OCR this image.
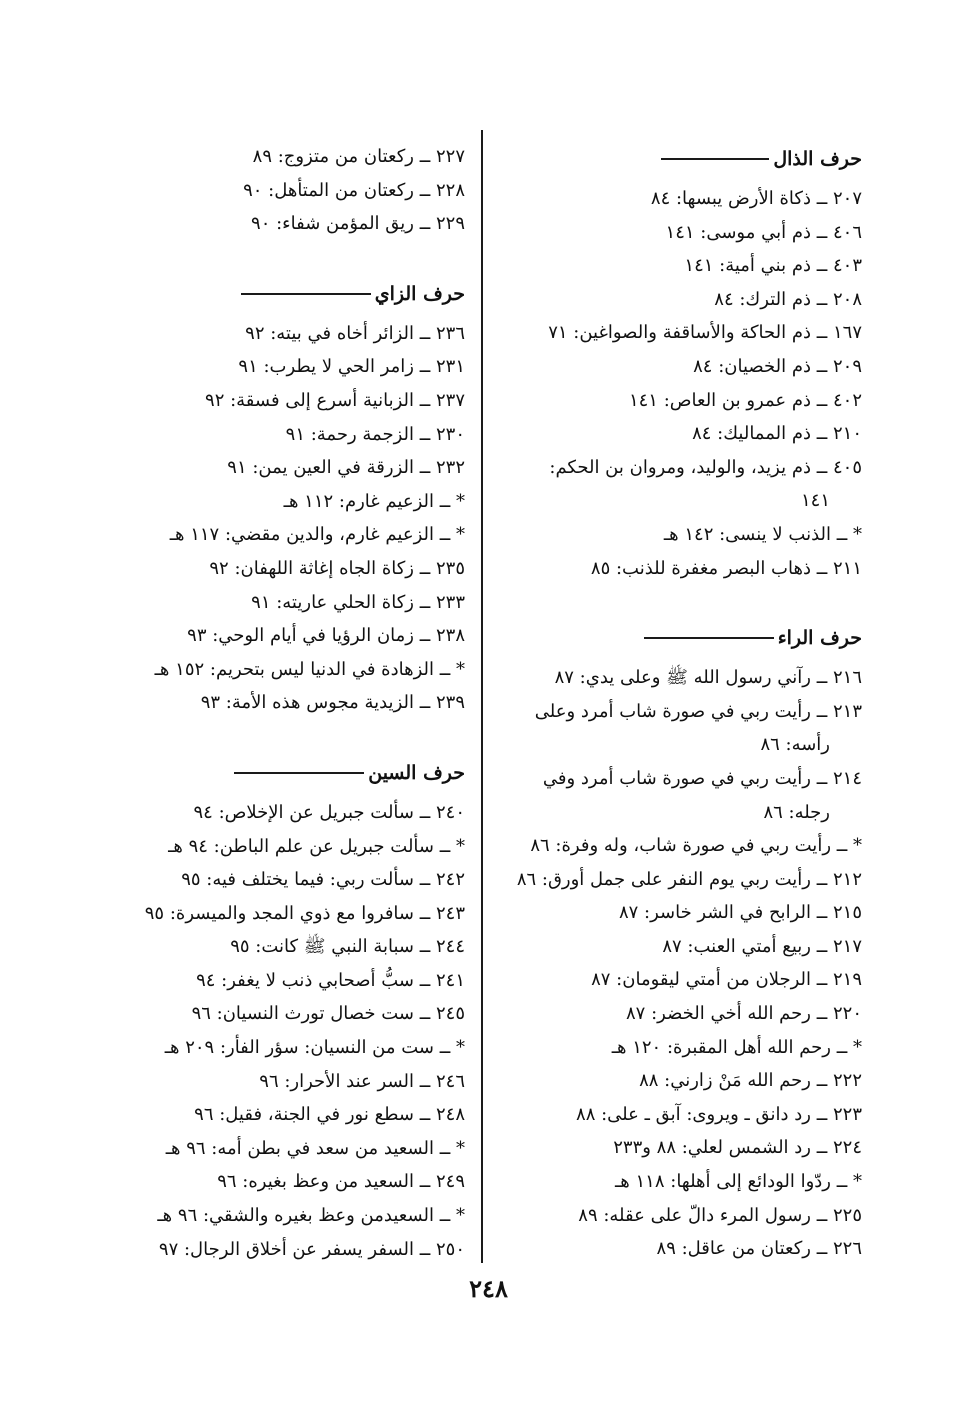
حرف الذال
٢٠٧ ــ ذكاة الأرض يبسها: ٨٤
٤٠٦ ــ ذم أبي موسى: ١٤١
٤٠٣ ــ ذم بني أمية: ١٤١
٢٠٨ ــ ذم الترك: ٨٤
١٦٧ ــ ذم الحاكة والأساقفة والصواغين: ٧١
٢٠٩ ــ ذم الخصيان: ٨٤
٤٠٢ ــ ذم عمرو بن العاص: ١٤١
٢١٠ ــ ذم المماليك: ٨٤
٤٠٥ ــ ذم يزيد، والوليد، ومروان بن الحكم:
١٤١
* ــ الذنب لا ينسى: ١٤٢ هـ
٢١١ ــ ذهاب البصر مغفرة للذنب: ٨٥
حرف الراء
٢١٦ ــ رآني رسول الله ﷺ وعلى يدي: ٨٧
٢١٣ ــ رأيت ربي في صورة شاب أمرد وعلى
رأسه: ٨٦
٢١٤ ــ رأيت ربي في صورة شاب أمرد وفي
رجله: ٨٦
* ــ رأيت ربي في صورة شاب، وله وفرة: ٨٦
٢١٢ ــ رأيت ربي يوم النفر على جمل أورق: ٨٦
٢١٥ ــ الرابح في الشر خاسر: ٨٧
٢١٧ ــ ربيع أمتي العنب: ٨٧
٢١٩ ــ الرجلان من أمتي ليقومان: ٨٧
٢٢٠ ــ رحم الله أخي الخضر: ٨٧
* ــ رحم الله أهل المقبرة: ١٢٠ هـ
٢٢٢ ــ رحم الله مَنْ زارني: ٨٨
٢٢٣ ــ رد دانق ـ ويروى: آبق ـ على: ٨٨
٢٢٤ ــ رد الشمس لعلي: ٨٨ و٢٣٣
* ــ ردّوا الودائع إلى أهلها: ١١٨ هـ
٢٢٥ ــ رسول المرء دالّ على عقله: ٨٩
٢٢٦ ــ ركعتان من عاقل: ٨٩
٢٢٧ ــ ركعتان من متزوج: ٨٩
٢٢٨ ــ ركعتان من المتأهل: ٩٠
٢٢٩ ــ ريق المؤمن شفاء: ٩٠
حرف الزاي
٢٣٦ ــ الزائر أخاه في بيته: ٩٢
٢٣١ ــ زامر الحي لا يطرب: ٩١
٢٣٧ ــ الزبانية أسرع إلى فسقة: ٩٢
٢٣٠ ــ الزجمة رحمة: ٩١
٢٣٢ ــ الزرقة في العين يمن: ٩١
* ــ الزعيم غارم: ١١٢ هـ
* ــ الزعيم غارم، والدين مقضي: ١١٧ هـ
٢٣٥ ــ زكاة الجاه إغاثة اللهفان: ٩٢
٢٣٣ ــ زكاة الحلي عاريته: ٩١
٢٣٨ ــ زمان الرؤيا في أيام الوحي: ٩٣
* ــ الزهادة في الدنيا ليس بتحريم: ١٥٢ هـ
٢٣٩ ــ الزيدية مجوس هذه الأمة: ٩٣
حرف السين
٢٤٠ ــ سألت جبريل عن الإخلاص: ٩٤
* ــ سألت جبريل عن علم الباطن: ٩٤ هـ
٢٤٢ ــ سألت ربي: فيما يختلف فيه: ٩٥
٢٤٣ ــ سافروا مع ذوي المجد والميسرة: ٩٥
٢٤٤ ــ سبابة النبي ﷺ كانت: ٩٥
٢٤١ ــ سبُّ أصحابي ذنب لا يغفر: ٩٤
٢٤٥ ــ ست خصال تورث النسيان: ٩٦
* ــ ست من النسيان: سؤر الفأر: ٢٠٩ هـ
٢٤٦ ــ السر عند الأحرار: ٩٦
٢٤٨ ــ سطع نور في الجنة، فقيل: ٩٦
* ــ السعيد من سعد في بطن أمه: ٩٦ هـ
٢٤٩ ــ السعيد من وعظ بغيره: ٩٦
* ــ السعيدمن وعظ بغيره والشقي: ٩٦ هـ
٢٥٠ ــ السفر يسفر عن أخلاق الرجال: ٩٧
٢٤٨
